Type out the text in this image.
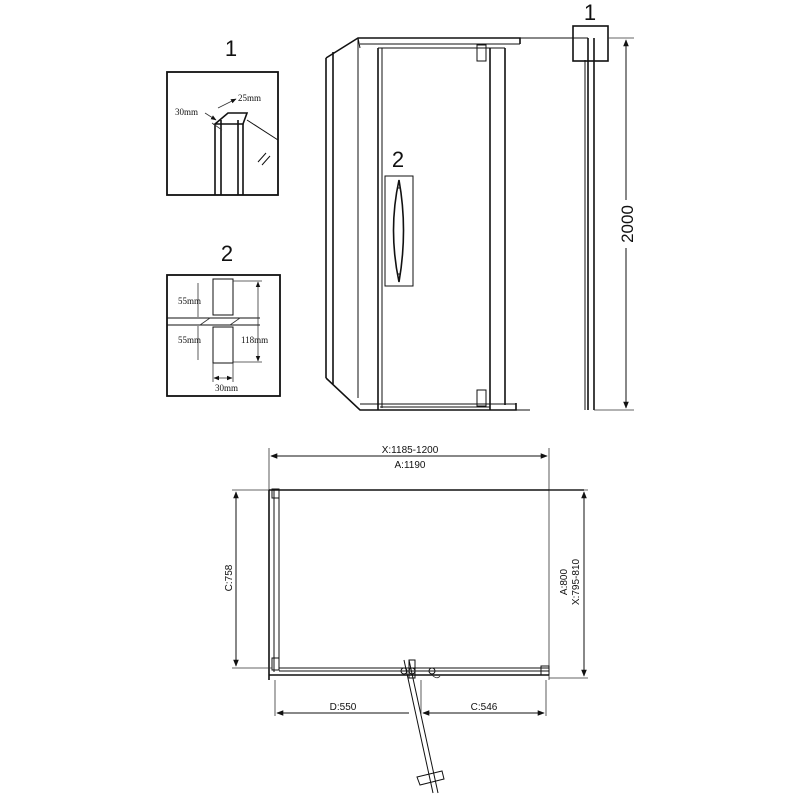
1
25mm
30mm
2
55mm
55mm	118mm
30mm
2
1
2000
X:1185-1200
A:1190
C:758	A:800 X:795-810
D:550	C:546
